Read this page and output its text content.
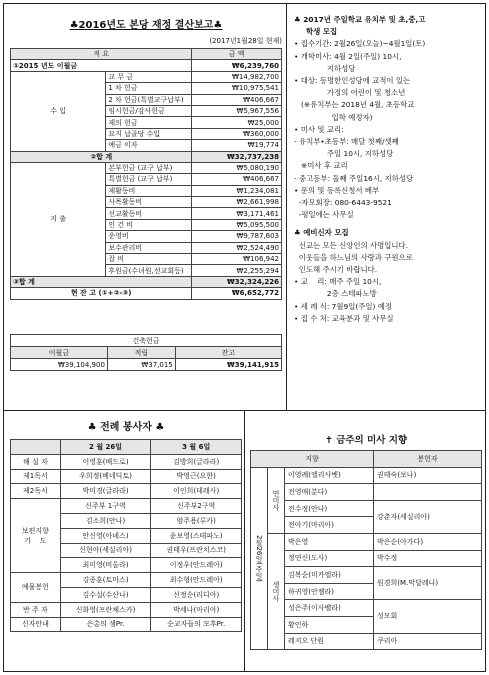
♣2016년도 본당 재정 결산보고♣
(2017년1월28일 현재)
적 요		금 액
①2015 년도 이월금		₩6,239,760
수 입	교 무 금	₩14,982,700
	1 차 헌금	₩10,975,541
	2 차 헌금(특별교구납부)	₩406,667
	임시헌금/감사헌금	₩5,967,556
	제의 헌금	₩25,000
	묘지 납골당 수입	₩360,000
	예금 이자	₩19,774
②합 계		₩32,737,238
지 출	본부헌금 (교구 납부)	₩5,080,190
	특별헌금 (교구 납부)	₩406,667
	제활동비	₩1,234,081
	사목활동비	₩2,661,998
	선교활동비	₩3,171,461
	인 건 비	₩5,095,500
	운영비	₩9,787,603
	보수관리비	₩2,524,490
	잡 비	₩106,942
	후원금(수녀원,선교회등)	₩2,255,294
③합 계		₩32,324,226
현 잔 고 (①+②-③)		₩6,652,772
건축헌금		
이월금	적립	잔고
₩39,104,900	₩37,015	₩39,141,915
♣ 2017년 주일학교 유치부 및 초,중,고
학생 모집

• 접수기간: 2월26일(오늘)~4월1일(토)

• 개학미사: 4월 2일(주일) 10시,

지하성당

• 대상: 동명한인성당에 교적이 있는

가정의 어린이 및 청소년

(※유치부는 2018년 4월, 초등학교

입학 예정자)

• 미사 및 교리:

- 유치부•초등부: 매달 첫째/셋째

주일 10시, 지하성당

※미사 후 교리

- 중고등부: 둘째 주일16시, 지하성당

• 문의 및 등록신청서 배부

-자모회장: 080-6443-9521

-평일에는 사무실

♣ 예비신자 모집

선교는 모든 신앙인의 사명입니다.

이웃들을 하느님의 사랑과 구원으로

인도해 주시기 바랍니다.

• 교    리: 매주 주일 10시,

2층 스테파노방

• 세 례 식: 7월9일(주일) 예정

• 접 수 처: 교육분과 및 사무실

♣ 전례 봉사자 ♣
	2 월 26일	3 월 6일
해 설 자	이영훈(베드로)	김방희(글라라)
제1독서	우희정(베네딕토)	박영근(요한)
제2독서	박미경(글라라)	이인희(데레사)
보편지향
기    도	신주부 1구역	신주부2구역
	김소희(안나)	엄주용(루카)
	안신영(아녜스)	윤보영(스테파노)
	신현아(세실리아)	권태우(프란치스코)
	최미영(비올라)	이정우(안드레아)
예물봉헌	김종훈(토마스)	최수형(안드레아)
	김수실(수산나)	신정순(리디아)
반 주 자	신화영(프란체스카)	박세나(마리아)
신자안내	은총의 샘Pr.	순교자들의 모후Pr.
✝ 금주의 미사 지향
지향			봉헌자
2월26일(주일)	연미사	이영례(엘리사벳)	권태숙(보나)
		전영매(분다)	
		전수정(안나)	강춘자(세실리아)
		전아기(마리아)	
	생미사	박은영	박은순(아가다)
		정연신(도사)	박수정
		김복순(미카엘라)	원경희(M.막달레나)
		하귀영(안젤라)	
		성은주(이사벨라)	성모회
		황인하	
		레지오 단원	쿠리아
